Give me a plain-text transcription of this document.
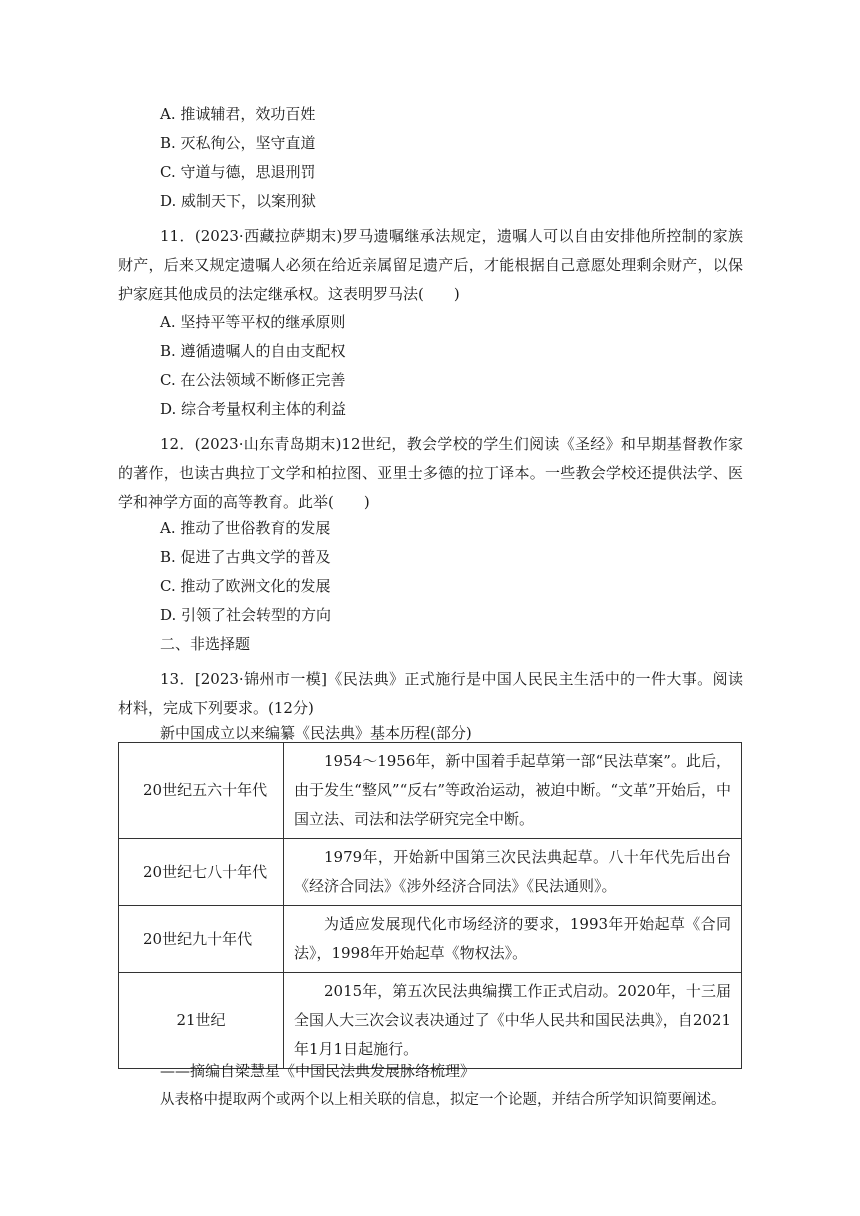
A. 推诚辅君，效功百姓
B. 灭私徇公，坚守直道
C. 守道与德，思退刑罚
D. 威制天下，以案刑狱
11．(2023·西藏拉萨期末)罗马遗嘱继承法规定，遗嘱人可以自由安排他所控制的家族财产，后来又规定遗嘱人必须在给近亲属留足遗产后，才能根据自己意愿处理剩余财产，以保护家庭其他成员的法定继承权。这表明罗马法(　　)
A. 坚持平等平权的继承原则
B. 遵循遗嘱人的自由支配权
C. 在公法领域不断修正完善
D. 综合考量权利主体的利益
12．(2023·山东青岛期末)12世纪，教会学校的学生们阅读《圣经》和早期基督教作家的著作，也读古典拉丁文学和柏拉图、亚里士多德的拉丁译本。一些教会学校还提供法学、医学和神学方面的高等教育。此举(　　)
A. 推动了世俗教育的发展
B. 促进了古典文学的普及
C. 推动了欧洲文化的发展
D. 引领了社会转型的方向
二、非选择题
13．[2023·锦州市一模]《民法典》正式施行是中国人民民主生活中的一件大事。阅读材料，完成下列要求。(12分)
新中国成立以来编纂《民法典》基本历程(部分)
20世纪五六十年代	1954～1956年，新中国着手起草第一部“民法草案”。此后，由于发生“整风”“反右”等政治运动，被迫中断。“文革”开始后，中国立法、司法和法学研究完全中断。
20世纪七八十年代	1979年，开始新中国第三次民法典起草。八十年代先后出台《经济合同法》《涉外经济合同法》《民法通则》。
20世纪九十年代	为适应发展现代化市场经济的要求，1993年开始起草《合同法》，1998年开始起草《物权法》。
21世纪	2015年，第五次民法典编撰工作正式启动。2020年，十三届全国人大三次会议表决通过了《中华人民共和国民法典》，自2021年1月1日起施行。
——摘编自梁慧星《中国民法典发展脉络梳理》
从表格中提取两个或两个以上相关联的信息，拟定一个论题，并结合所学知识简要阐述。
